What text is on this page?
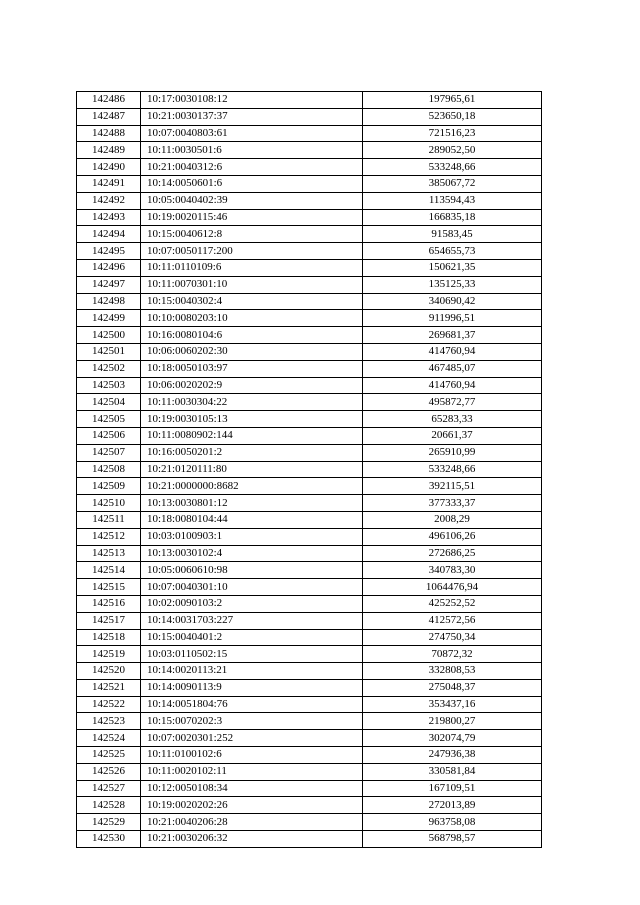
142486	10:17:0030108:12	197965,61
142487	10:21:0030137:37	523650,18
142488	10:07:0040803:61	721516,23
142489	10:11:0030501:6	289052,50
142490	10:21:0040312:6	533248,66
142491	10:14:0050601:6	385067,72
142492	10:05:0040402:39	113594,43
142493	10:19:0020115:46	166835,18
142494	10:15:0040612:8	91583,45
142495	10:07:0050117:200	654655,73
142496	10:11:0110109:6	150621,35
142497	10:11:0070301:10	135125,33
142498	10:15:0040302:4	340690,42
142499	10:10:0080203:10	911996,51
142500	10:16:0080104:6	269681,37
142501	10:06:0060202:30	414760,94
142502	10:18:0050103:97	467485,07
142503	10:06:0020202:9	414760,94
142504	10:11:0030304:22	495872,77
142505	10:19:0030105:13	65283,33
142506	10:11:0080902:144	20661,37
142507	10:16:0050201:2	265910,99
142508	10:21:0120111:80	533248,66
142509	10:21:0000000:8682	392115,51
142510	10:13:0030801:12	377333,37
142511	10:18:0080104:44	2008,29
142512	10:03:0100903:1	496106,26
142513	10:13:0030102:4	272686,25
142514	10:05:0060610:98	340783,30
142515	10:07:0040301:10	1064476,94
142516	10:02:0090103:2	425252,52
142517	10:14:0031703:227	412572,56
142518	10:15:0040401:2	274750,34
142519	10:03:0110502:15	70872,32
142520	10:14:0020113:21	332808,53
142521	10:14:0090113:9	275048,37
142522	10:14:0051804:76	353437,16
142523	10:15:0070202:3	219800,27
142524	10:07:0020301:252	302074,79
142525	10:11:0100102:6	247936,38
142526	10:11:0020102:11	330581,84
142527	10:12:0050108:34	167109,51
142528	10:19:0020202:26	272013,89
142529	10:21:0040206:28	963758,08
142530	10:21:0030206:32	568798,57
